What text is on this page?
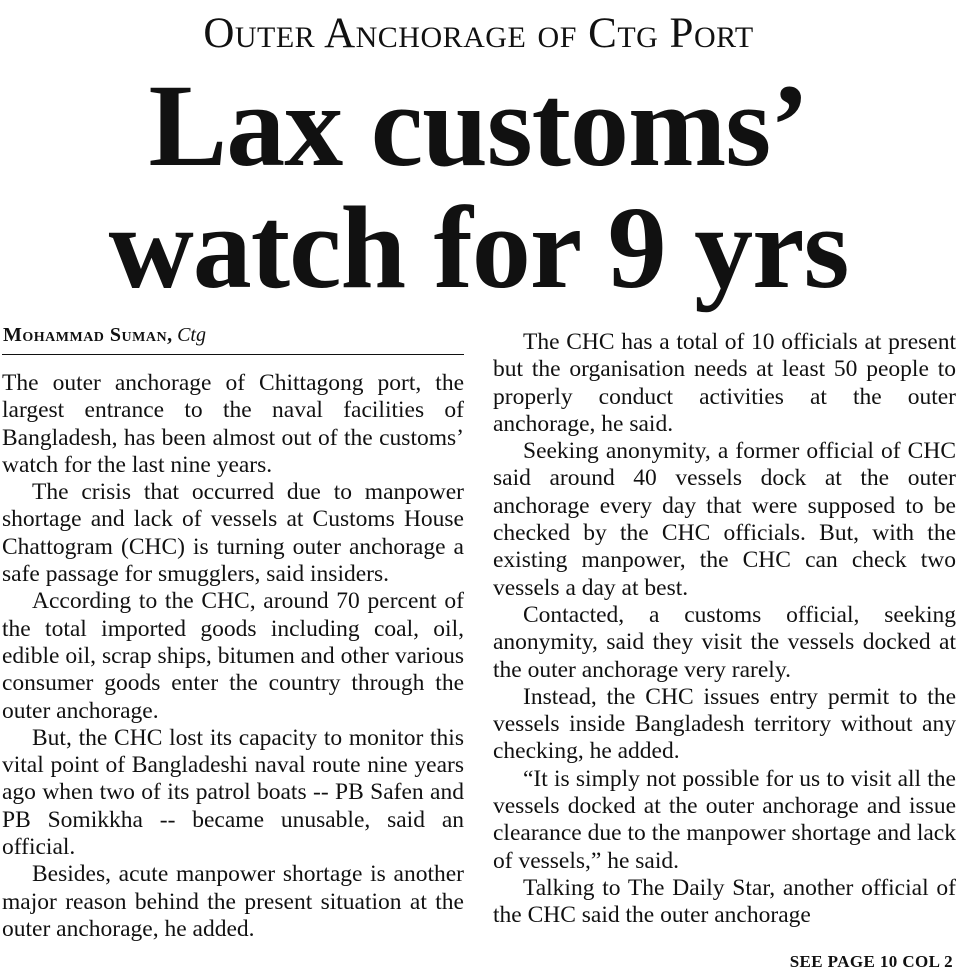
Outer Anchorage of Ctg Port
Lax customs’
watch for 9 yrs
Mohammad Suman, Ctg

The outer anchorage of Chittagong port, the largest entrance to the naval facilities of Bangladesh, has been almost out of the customs’ watch for the last nine years.

The crisis that occurred due to manpower shortage and lack of vessels at Customs House Chattogram (CHC) is turning outer anchorage a safe passage for smugglers, said insiders.

According to the CHC, around 70 percent of the total imported goods including coal, oil, edible oil, scrap ships, bitumen and other various consumer goods enter the country through the outer anchorage.

But, the CHC lost its capacity to monitor this vital point of Bangladeshi naval route nine years ago when two of its patrol boats -- PB Safen and PB Somikkha -- became unusable, said an official.

Besides, acute manpower shortage is another major reason behind the present situation at the outer anchorage, he added.

The CHC has a total of 10 officials at present but the organisation needs at least 50 people to properly conduct activities at the outer anchorage, he said.

Seeking anonymity, a former official of CHC said around 40 vessels dock at the outer anchorage every day that were supposed to be checked by the CHC officials. But, with the existing manpower, the CHC can check two vessels a day at best.

Contacted, a customs official, seeking anonymity, said they visit the vessels docked at the outer anchorage very rarely.

Instead, the CHC issues entry permit to the vessels inside Bangladesh territory without any checking, he added.

“It is simply not possible for us to visit all the vessels docked at the outer anchorage and issue clearance due to the manpower shortage and lack of vessels,” he said.

Talking to The Daily Star, another official of the CHC said the outer anchorage

SEE PAGE 10 COL 2
